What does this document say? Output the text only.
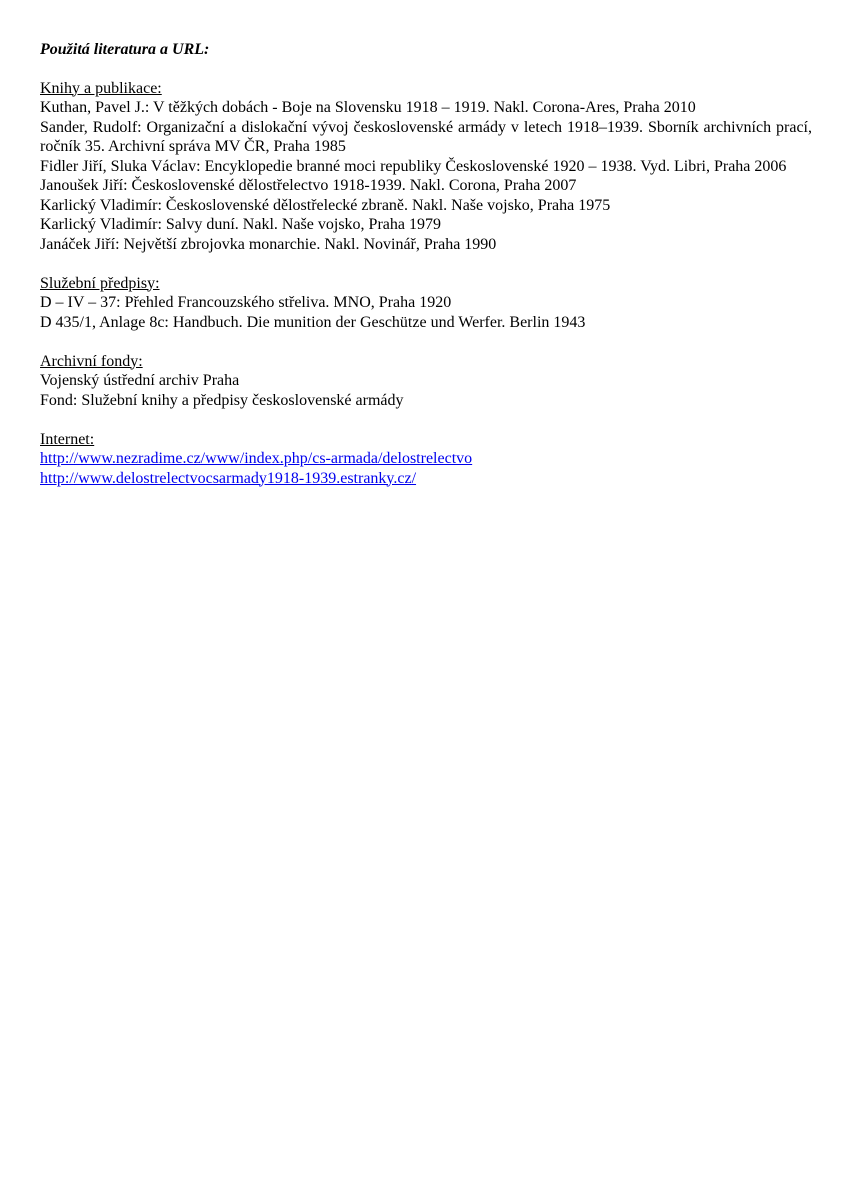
Použitá literatura a URL:

Knihy a publikace:

Kuthan, Pavel J.: V těžkých dobách - Boje na Slovensku 1918 – 1919. Nakl. Corona-Ares, Praha 2010

Sander, Rudolf: Organizační a dislokační vývoj československé armády v letech 1918–1939. Sborník archivních prací, ročník 35. Archivní správa MV ČR, Praha 1985

Fidler Jiří, Sluka Václav: Encyklopedie branné moci republiky Československé 1920 – 1938. Vyd. Libri, Praha 2006

Janoušek Jiří: Československé dělostřelectvo 1918-1939. Nakl. Corona, Praha 2007

Karlický Vladimír: Československé dělostřelecké zbraně. Nakl. Naše vojsko, Praha 1975

Karlický Vladimír: Salvy duní. Nakl. Naše vojsko, Praha 1979

Janáček Jiří: Největší zbrojovka monarchie. Nakl. Novinář, Praha 1990

Služební předpisy:

D – IV – 37: Přehled Francouzského střeliva. MNO, Praha 1920

D 435/1, Anlage 8c: Handbuch. Die munition der Geschütze und Werfer. Berlin 1943

Archivní fondy:

Vojenský ústřední archiv Praha

Fond: Služební knihy a předpisy československé armády

Internet:

http://www.nezradime.cz/www/index.php/cs-armada/delostrelectvo
http://www.delostrelectvocsarmady1918-1939.estranky.cz/
